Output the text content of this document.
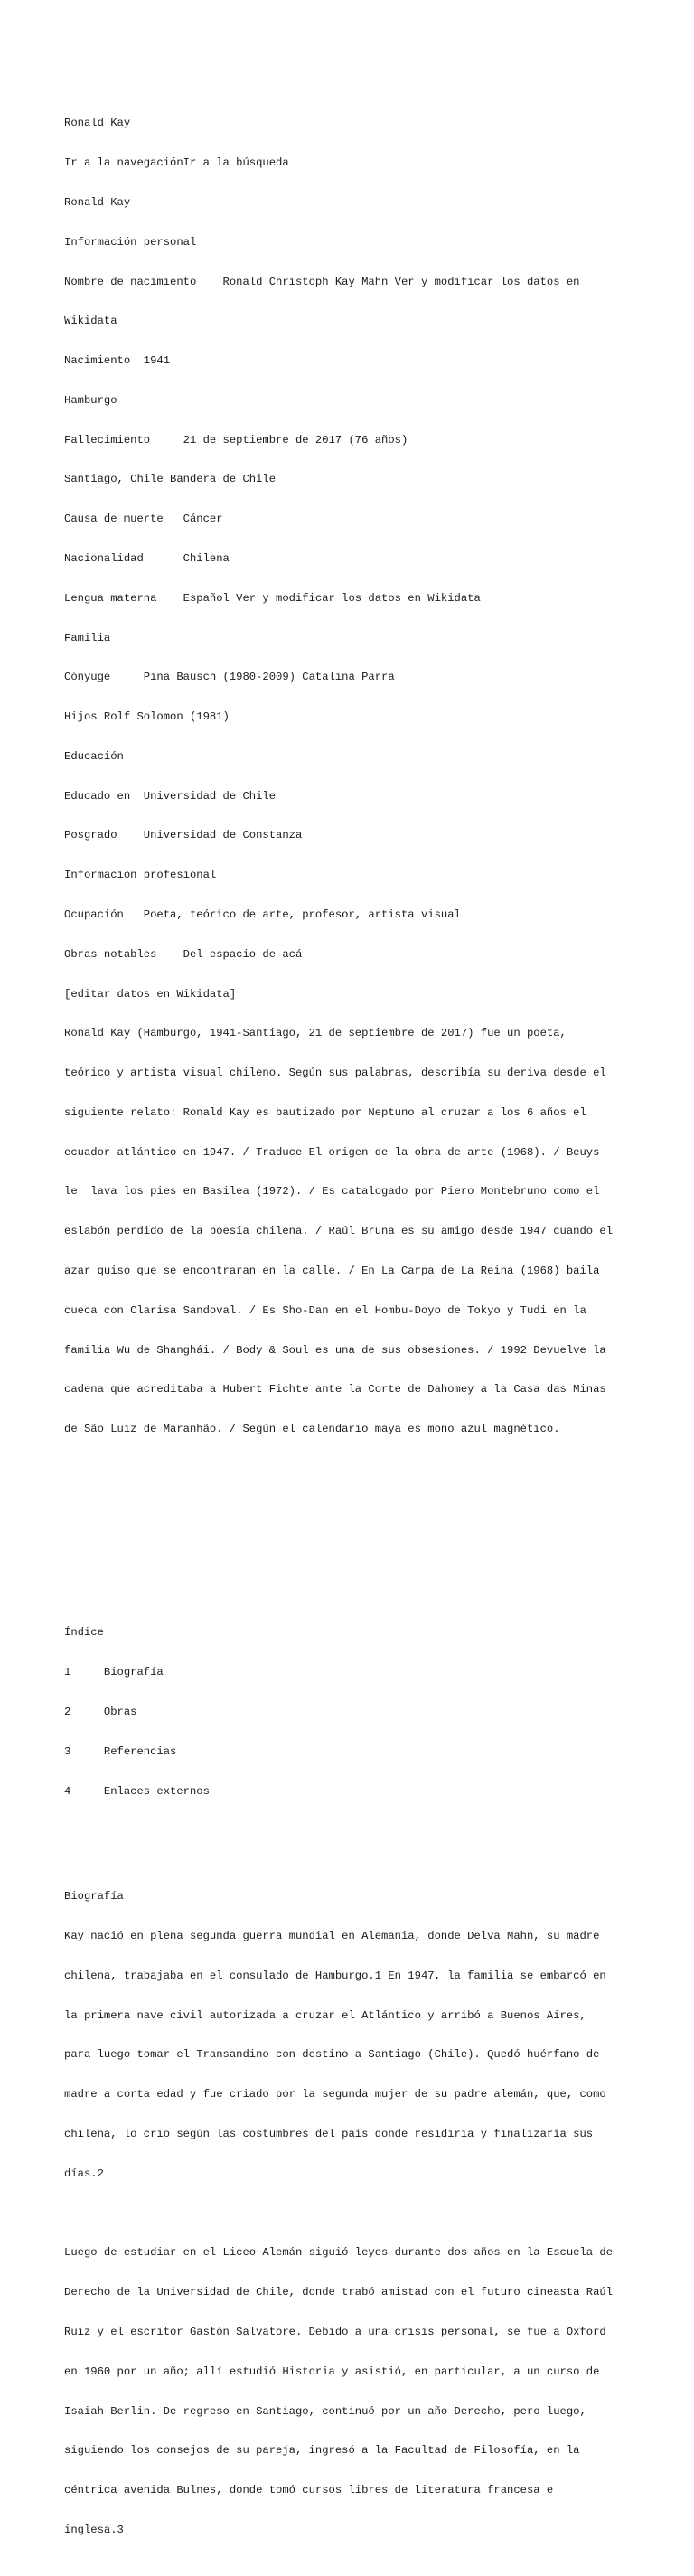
Ronald Kay

Ir a la navegaciónIr a la búsqueda

Ronald Kay

Información personal

Nombre de nacimiento    Ronald Christoph Kay Mahn Ver y modificar los datos en

Wikidata

Nacimiento  1941

Hamburgo

Fallecimiento     21 de septiembre de 2017 (76 años)

Santiago, Chile Bandera de Chile

Causa de muerte   Cáncer

Nacionalidad      Chilena

Lengua materna    Español Ver y modificar los datos en Wikidata

Familia

Cónyuge     Pina Bausch (1980-2009) Catalina Parra

Hijos Rolf Solomon (1981)

Educación

Educado en  Universidad de Chile

Posgrado    Universidad de Constanza

Información profesional

Ocupación   Poeta, teórico de arte, profesor, artista visual

Obras notables    Del espacio de acá

[editar datos en Wikidata]

Ronald Kay (Hamburgo, 1941-Santiago, 21 de septiembre de 2017) fue un poeta,

teórico y artista visual chileno. Según sus palabras, describía su deriva desde el

siguiente relato: Ronald Kay es bautizado por Neptuno al cruzar a los 6 años el

ecuador atlántico en 1947. / Traduce El origen de la obra de arte (1968). / Beuys

le  lava los pies en Basilea (1972). / Es catalogado por Piero Montebruno como el

eslabón perdido de la poesía chilena. / Raúl Bruna es su amigo desde 1947 cuando el

azar quiso que se encontraran en la calle. / En La Carpa de La Reina (1968) baila

cueca con Clarisa Sandoval. / Es Sho-Dan en el Hombu-Doyo de Tokyo y Tudi en la

familia Wu de Shanghái. / Body & Soul es una de sus obsesiones. / 1992 Devuelve la

cadena que acreditaba a Hubert Fichte ante la Corte de Dahomey a la Casa das Minas

de São Luiz de Maranhão. / Según el calendario maya es mono azul magnético.

Índice

1     Biografía

2     Obras

3     Referencias

4     Enlaces externos

Biografía

Kay nació en plena segunda guerra mundial en Alemania, donde Delva Mahn, su madre

chilena, trabajaba en el consulado de Hamburgo.1 En 1947, la familia se embarcó en

la primera nave civil autorizada a cruzar el Atlántico y arribó a Buenos Aires,

para luego tomar el Transandino con destino a Santiago (Chile). Quedó huérfano de

madre a corta edad y fue criado por la segunda mujer de su padre alemán, que, como

chilena, lo crio según las costumbres del país donde residiría y finalizaría sus

días.2

Luego de estudiar en el Liceo Alemán siguió leyes durante dos años en la Escuela de

Derecho de la Universidad de Chile, donde trabó amistad con el futuro cineasta Raúl

Ruiz y el escritor Gastón Salvatore. Debido a una crisis personal, se fue a Oxford

en 1960 por un año; allí estudió Historia y asistió, en particular, a un curso de

Isaiah Berlin. De regreso en Santiago, continuó por un año Derecho, pero luego,

siguiendo los consejos de su pareja, ingresó a la Facultad de Filosofía, en la

céntrica avenida Bulnes, donde tomó cursos libres de literatura francesa e

inglesa.3
